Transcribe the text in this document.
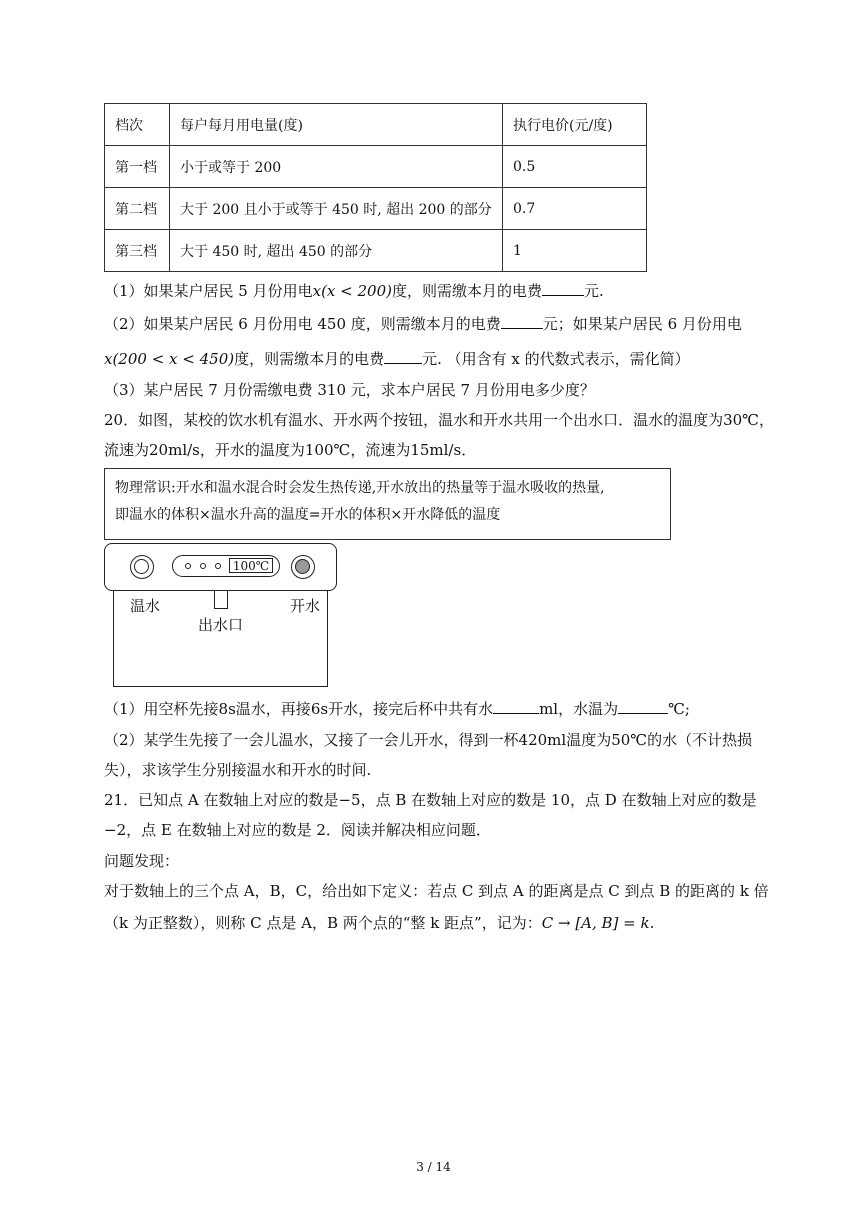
档次	每户每月用电量(度)	执行电价(元/度)
第一档	小于或等于 200	0.5
第二档	大于 200 且小于或等于 450 时, 超出 200 的部分	0.7
第三档	大于 450 时, 超出 450 的部分	1
（1）如果某户居民 5 月份用电x(x < 200)度，则需缴本月的电费	元.
（2）如果某户居民 6 月份用电 450 度，则需缴本月的电费	元；如果某户居民 6 月份用电
x(200 < x < 450)度，则需缴本月的电费	元. （用含有 x 的代数式表示，需化简）
（3）某户居民 7 月份需缴电费 310 元，求本户居民 7 月份用电多少度？
20．如图，某校的饮水机有温水、开水两个按钮，温水和开水共用一个出水口．温水的温度为30℃，
流速为20ml/s，开水的温度为100℃，流速为15ml/s．
物理常识:开水和温水混合时会发生热传递,开水放出的热量等于温水吸收的热量,
即温水的体积×温水升高的温度=开水的体积×开水降低的温度
100℃
温水
出水口
开水
（1）用空杯先接8s温水，再接6s开水，接完后杯中共有水	ml，水温为	℃;
（2）某学生先接了一会儿温水，又接了一会儿开水，得到一杯420ml温度为50℃的水（不计热损
失），求该学生分别接温水和开水的时间.
21．已知点 A 在数轴上对应的数是−5，点 B 在数轴上对应的数是 10，点 D 在数轴上对应的数是
−2，点 E 在数轴上对应的数是 2．阅读并解决相应问题．
问题发现：
对于数轴上的三个点 A，B，C，给出如下定义：若点 C 到点 A 的距离是点 C 到点 B 的距离的 k 倍
（k 为正整数），则称 C 点是 A，B 两个点的“整 k 距点”，记为：C → [A, B] = k.
3 / 14
